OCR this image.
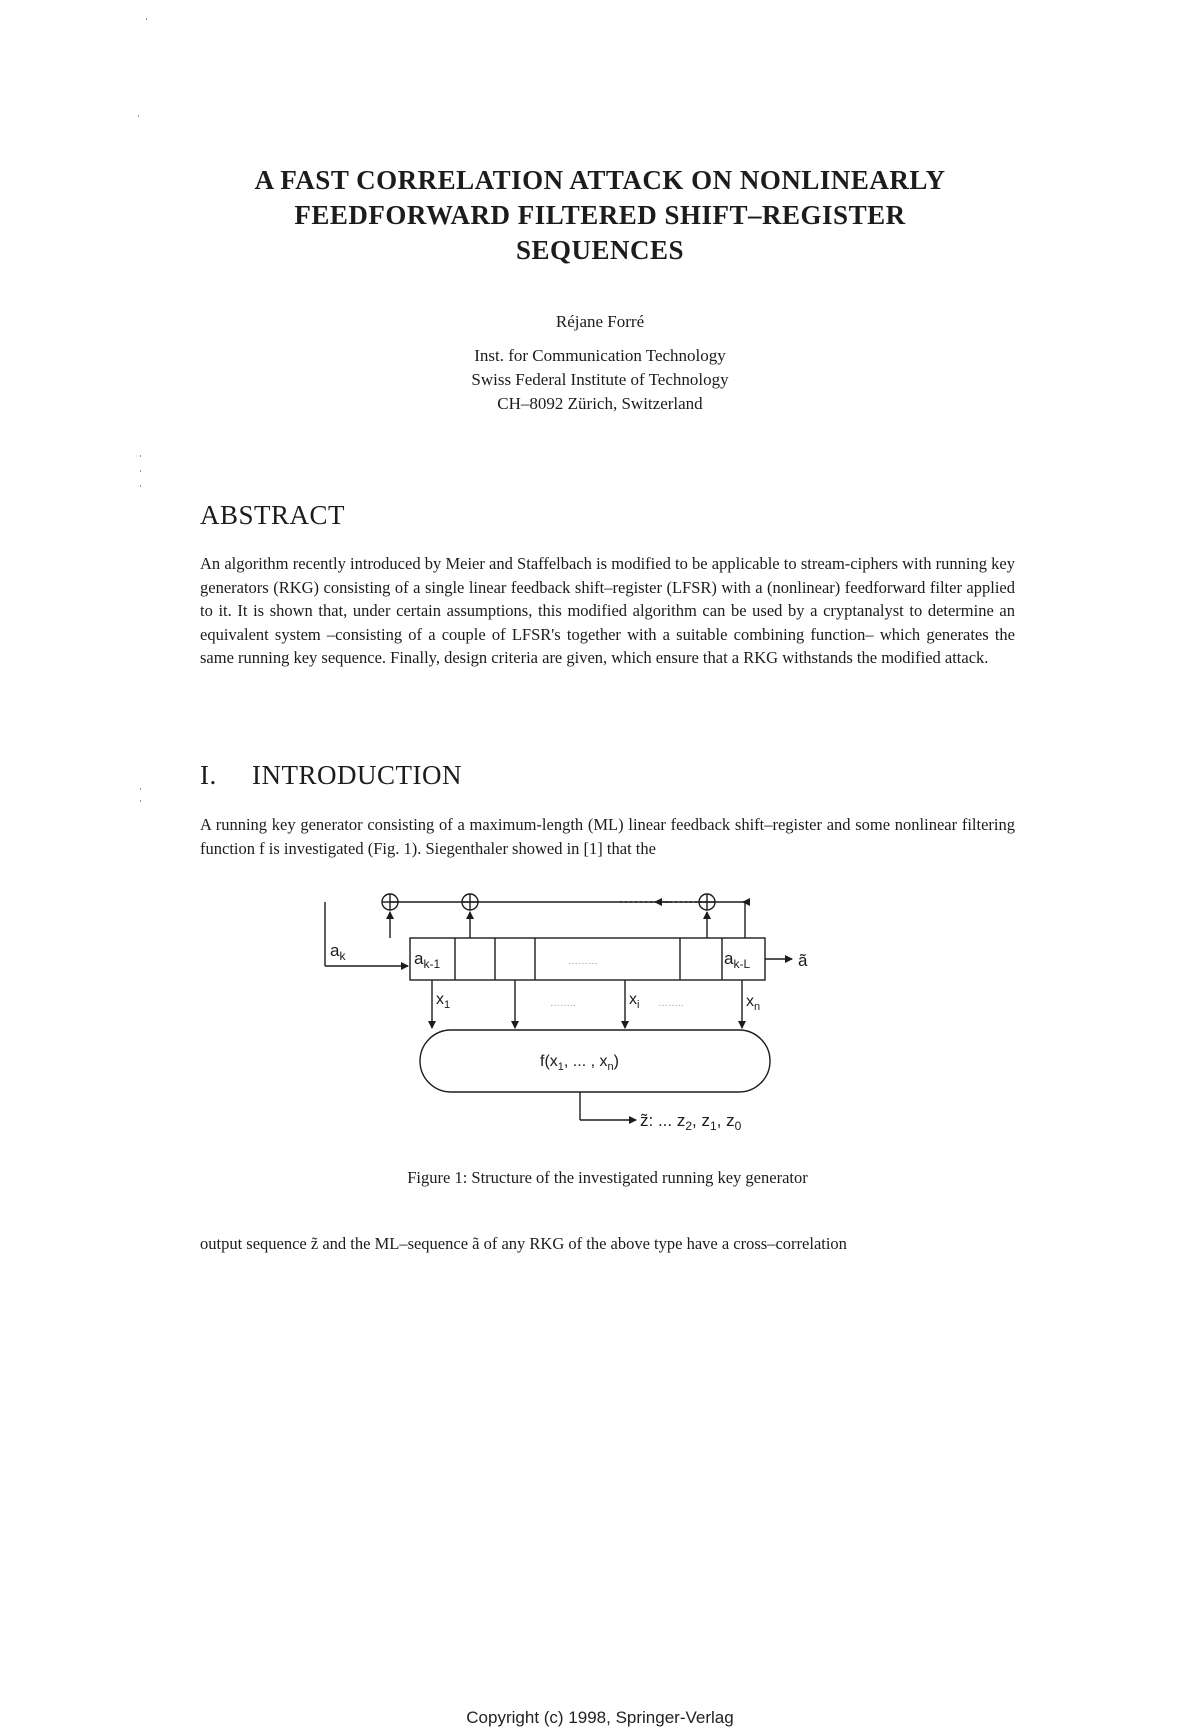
A FAST CORRELATION ATTACK ON NONLINEARLY
FEEDFORWARD FILTERED SHIFT–REGISTER
SEQUENCES
Réjane Forré
Inst. for Communication Technology
Swiss Federal Institute of Technology
CH–8092 Zürich, Switzerland
ABSTRACT
An algorithm recently introduced by Meier and Staffelbach is modified to be applicable to stream-ciphers with running key generators (RKG) consisting of a single linear feedback shift–register (LFSR) with a (nonlinear) feedforward filter applied to it. It is shown that, under certain assumptions, this modified algorithm can be used by a cryptanalyst to determine an equivalent system –consisting of a couple of LFSR's together with a suitable combining function– which generates the same running key sequence. Finally, design criteria are given, which ensure that a RKG withstands the modified attack.
I. INTRODUCTION
A running key generator consisting of a maximum-length (ML) linear feedback shift–register and some nonlinear filtering function f is investigated (Fig. 1). Siegenthaler showed in [1] that the
$a_k$	$a_{k-1}$	………	$a_{k-L}$	ã
$x_1$	……..	$x_i$ ……..	$x_n$
$f(x_1$, ... , $x_n$)
z̃: ... $z_2$, $z_1$, $z_0$
Figure 1: Structure of the investigated running key generator
output sequence z̃ and the ML–sequence ã of any RKG of the above type have a cross–correlation
Copyright (c) 1998, Springer-Verlag
